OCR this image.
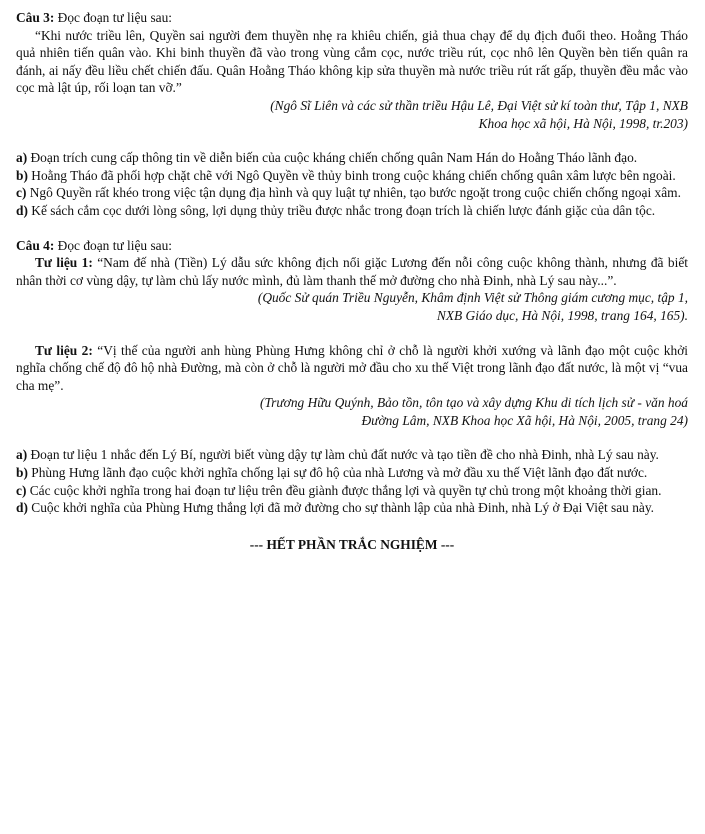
Câu 3: Đọc đoạn tư liệu sau:

“Khi nước triều lên, Quyền sai người đem thuyền nhẹ ra khiêu chiến, giả thua chạy để dụ địch đuổi theo. Hoằng Tháo quả nhiên tiến quân vào. Khi binh thuyền đã vào trong vùng cắm cọc, nước triều rút, cọc nhô lên Quyền bèn tiến quân ra đánh, ai nấy đều liều chết chiến đấu. Quân Hoằng Tháo không kịp sửa thuyền mà nước triều rút rất gấp, thuyền đều mắc vào cọc mà lật úp, rối loạn tan vỡ.”

(Ngô Sĩ Liên và các sử thần triều Hậu Lê, Đại Việt sử kí toàn thư, Tập 1, NXB

Khoa học xã hội, Hà Nội, 1998, tr.203)

a) Đoạn trích cung cấp thông tin về diễn biến của cuộc kháng chiến chống quân Nam Hán do Hoằng Tháo lãnh đạo.

b) Hoằng Tháo đã phối hợp chặt chẽ với Ngô Quyền về thủy binh trong cuộc kháng chiến chống quân xâm lược bên ngoài.

c) Ngô Quyền rất khéo trong việc tận dụng địa hình và quy luật tự nhiên, tạo bước ngoặt trong cuộc chiến chống ngoại xâm.

d) Kế sách cắm cọc dưới lòng sông, lợi dụng thủy triều được nhắc trong đoạn trích là chiến lược đánh giặc của dân tộc.

Câu 4: Đọc đoạn tư liệu sau:

Tư liệu 1: “Nam đế nhà (Tiền) Lý dẫu sức không địch nổi giặc Lương đến nỗi công cuộc không thành, nhưng đã biết nhân thời cơ vùng dậy, tự làm chủ lấy nước mình, đủ làm thanh thế mở đường cho nhà Đinh, nhà Lý sau này...”.

(Quốc Sử quán Triều Nguyễn, Khâm định Việt sử Thông giám cương mục, tập 1,

NXB Giáo dục, Hà Nội, 1998, trang 164, 165).

Tư liệu 2: “Vị thế của người anh hùng Phùng Hưng không chỉ ở chỗ là người khởi xướng và lãnh đạo một cuộc khởi nghĩa chống chế độ đô hộ nhà Đường, mà còn ở chỗ là người mở đầu cho xu thế Việt trong lãnh đạo đất nước, là một vị “vua cha mẹ”.

(Trương Hữu Quýnh, Bảo tồn, tôn tạo và xây dựng Khu di tích lịch sử - văn hoá

Đường Lâm, NXB Khoa học Xã hội, Hà Nội, 2005, trang 24)

a) Đoạn tư liệu 1 nhắc đến Lý Bí, người biết vùng dậy tự làm chủ đất nước và tạo tiền đề cho nhà Đinh, nhà Lý sau này.

b) Phùng Hưng lãnh đạo cuộc khởi nghĩa chống lại sự đô hộ của nhà Lương và mở đầu xu thế Việt lãnh đạo đất nước.

c) Các cuộc khởi nghĩa trong hai đoạn tư liệu trên đều giành được thắng lợi và quyền tự chủ trong một khoảng thời gian.

d) Cuộc khởi nghĩa của Phùng Hưng thắng lợi đã mở đường cho sự thành lập của nhà Đinh, nhà Lý ở Đại Việt sau này.

--- HẾT PHẦN TRẮC NGHIỆM ---
